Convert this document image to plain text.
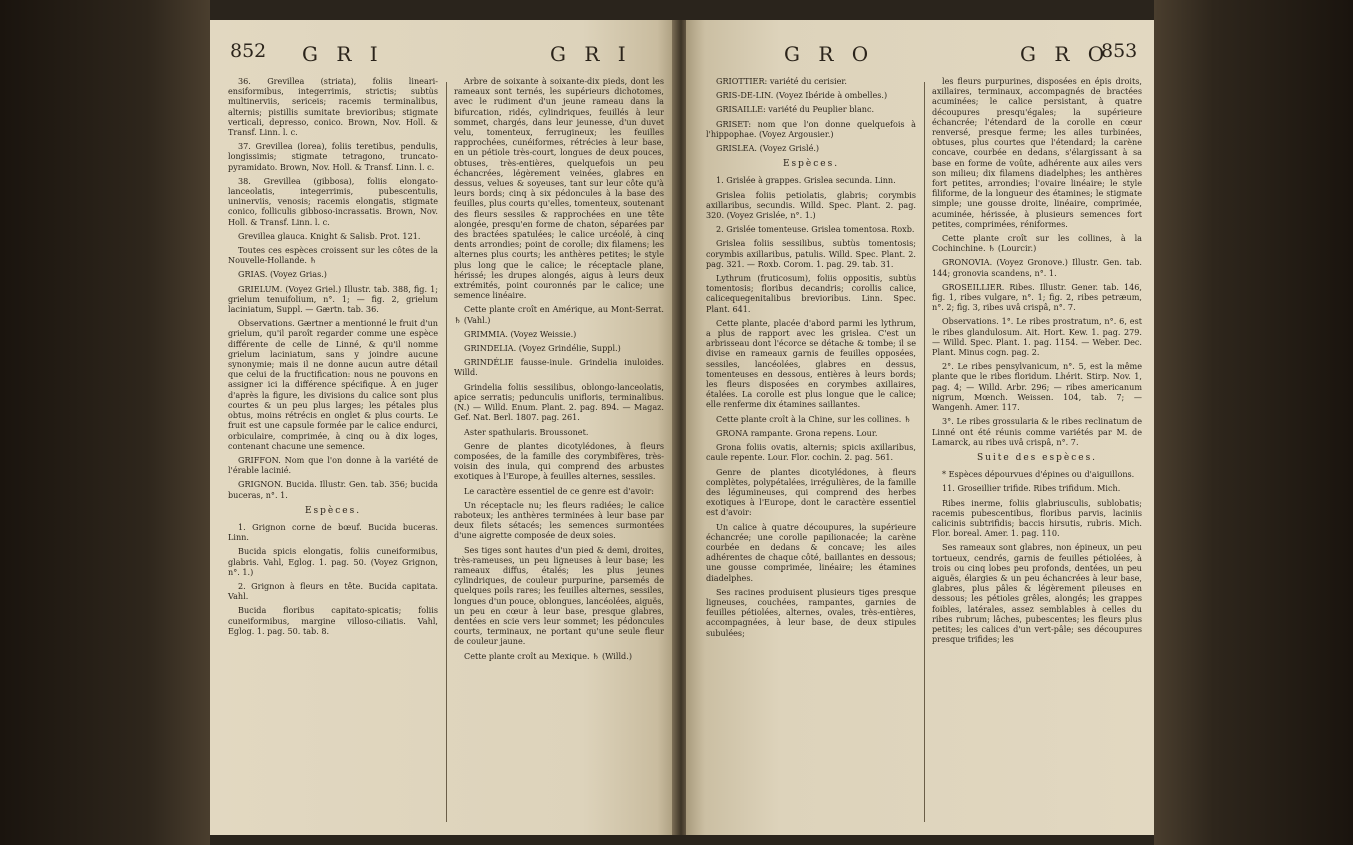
852 G R I	G R I

36. Grevillea (striata), foliis lineari-ensiformibus, integerrimis, strictis; subtùs multinerviis, sericeis; racemis terminalibus, alternis; pistillis sumitate brevioribus; stigmate verticali, depresso, conico. Brown, Nov. Holl. & Transf. Linn. l. c.

37. Grevillea (lorea), foliis teretibus, pendulis, longissimis; stigmate tetragono, truncato-pyramidato. Brown, Nov. Holl. & Transf. Linn. l. c.

38. Grevillea (gibbosa), foliis elongato-lanceolatis, integerrimis, pubescentulis, uninerviis, venosis; racemis elongatis, stigmate conico, folliculis gibboso-incrassatis. Brown, Nov. Holl. & Transf. Linn. l. c.

Grevillea glauca. Knight & Salisb. Prot. 121.

Toutes ces espèces croissent sur les côtes de la Nouvelle-Hollande. ♄

GRIAS. (Voyez Grias.)

GRIELUM. (Voyez Griel.) Illustr. tab. 388, fig. 1; grielum tenuifolium, n°. 1; — fig. 2, grielum laciniatum, Suppl. — Gærtn. tab. 36.

Observations. Gærtner a mentionné le fruit d'un grielum, qu'il paroît regarder comme une espèce différente de celle de Linné, & qu'il nomme grielum laciniatum, sans y joindre aucune synonymie; mais il ne donne aucun autre détail que celui de la fructification: nous ne pouvons en assigner ici la différence spécifique. À en juger d'après la figure, les divisions du calice sont plus courtes & un peu plus larges; les pétales plus obtus, moins rétrécis en onglet & plus courts. Le fruit est une capsule formée par le calice endurci, orbiculaire, comprimée, à cinq ou à dix loges, contenant chacune une semence.

GRIFFON. Nom que l'on donne à la variété de l'érable lacinié.

GRIGNON. Bucida. Illustr. Gen. tab. 356; bucida buceras, n°. 1.

Espèces.

1. Grignon corne de bœuf. Bucida buceras. Linn.

Bucida spicis elongatis, foliis cuneiformibus, glabris. Vahl, Eglog. 1. pag. 50. (Voyez Grignon, n°. 1.)

2. Grignon à fleurs en tête. Bucida capitata. Vahl.

Bucida floribus capitato-spicatis; foliis cuneiformibus, margine villoso-ciliatis. Vahl, Eglog. 1. pag. 50. tab. 8.

Arbre de soixante à soixante-dix pieds, dont les rameaux sont ternés, les supérieurs dichotomes, avec le rudiment d'un jeune rameau dans la bifurcation, ridés, cylindriques, feuillés à leur sommet, chargés, dans leur jeunesse, d'un duvet velu, tomenteux, ferrugineux; les feuilles rapprochées, cunéiformes, rétrécies à leur base, en un pétiole très-court, longues de deux pouces, obtuses, très-entières, quelquefois un peu échancrées, légèrement veinées, glabres en dessus, velues & soyeuses, tant sur leur côte qu'à leurs bords; cinq à six pédoncules à la base des feuilles, plus courts qu'elles, tomenteux, soutenant des fleurs sessiles & rapprochées en une tête alongée, presqu'en forme de chaton, séparées par des bractées spatulées; le calice urcéolé, à cinq dents arrondies; point de corolle; dix filamens; les alternes plus courts; les anthères petites; le style plus long que le calice; le réceptacle plane, hérissé; les drupes alongés, aigus à leurs deux extrémités, point couronnés par le calice; une semence linéaire.

Cette plante croît en Amérique, au Mont-Serrat. ♄ (Vahl.)

GRIMMIA. (Voyez Weissie.)

GRINDELIA. (Voyez Grindélie, Suppl.)

GRINDÉLIE fausse-inule. Grindelia inuloides. Willd.

Grindelia foliis sessilibus, oblongo-lanceolatis, apice serratis; pedunculis unifloris, terminalibus. (N.) — Willd. Enum. Plant. 2. pag. 894. — Magaz. Gef. Nat. Berl. 1807. pag. 261.

Aster spathularis. Broussonet.

Genre de plantes dicotylédones, à fleurs composées, de la famille des corymbifères, très-voisin des inula, qui comprend des arbustes exotiques à l'Europe, à feuilles alternes, sessiles.

Le caractère essentiel de ce genre est d'avoir:

Un réceptacle nu; les fleurs radiées; le calice raboteux; les anthères terminées à leur base par deux filets sétacés; les semences surmontées d'une aigrette composée de deux soies.

Ses tiges sont hautes d'un pied & demi, droites, très-rameuses, un peu ligneuses à leur base; les rameaux diffus, étalés; les plus jeunes cylindriques, de couleur purpurine, parsemés de quelques poils rares; les feuilles alternes, sessiles, longues d'un pouce, oblongues, lancéolées, aiguës, un peu en cœur à leur base, presque glabres, dentées en scie vers leur sommet; les pédoncules courts, terminaux, ne portant qu'une seule fleur de couleur jaune.

Cette plante croît au Mexique. ♄ (Willd.)

G R O	G R O
853

GRIOTTIER: variété du cerisier.

GRIS-DE-LIN. (Voyez Ibéride à ombelles.)

GRISAILLE: variété du Peuplier blanc.

GRISET: nom que l'on donne quelquefois à l'hippophae. (Voyez Argousier.)

GRISLEA. (Voyez Grislé.)

Espèces.

1. Grislée à grappes. Grislea secunda. Linn.

Grislea foliis petiolatis, glabris; corymbis axillaribus, secundis. Willd. Spec. Plant. 2. pag. 320. (Voyez Grislée, n°. 1.)

2. Grislée tomenteuse. Grislea tomentosa. Roxb.

Grislea foliis sessilibus, subtùs tomentosis; corymbis axillaribus, patulis. Willd. Spec. Plant. 2. pag. 321. — Roxb. Corom. 1. pag. 29. tab. 31.

Lythrum (fruticosum), foliis oppositis, subtùs tomentosis; floribus decandris; corollis calice, calicequegenitalibus brevioribus. Linn. Spec. Plant. 641.

Cette plante, placée d'abord parmi les lythrum, a plus de rapport avec les grislea. C'est un arbrisseau dont l'écorce se détache & tombe; il se divise en rameaux garnis de feuilles opposées, sessiles, lancéolées, glabres en dessus, tomenteuses en dessous, entières à leurs bords; les fleurs disposées en corymbes axillaires, étalées. La corolle est plus longue que le calice; elle renferme dix étamines saillantes.

Cette plante croît à la Chine, sur les collines. ♄

GRONA rampante. Grona repens. Lour.

Grona foliis ovatis, alternis; spicis axillaribus, caule repente. Lour. Flor. cochin. 2. pag. 561.

Genre de plantes dicotylédones, à fleurs complètes, polypétalées, irrégulières, de la famille des légumineuses, qui comprend des herbes exotiques à l'Europe, dont le caractère essentiel est d'avoir:

Un calice à quatre découpures, la supérieure échancrée; une corolle papilionacée; la carène courbée en dedans & concave; les ailes adhérentes de chaque côté, baillantes en dessous; une gousse comprimée, linéaire; les étamines diadelphes.

Ses racines produisent plusieurs tiges presque ligneuses, couchées, rampantes, garnies de feuilles pétiolées, alternes, ovales, très-entières, accompagnées, à leur base, de deux stipules subulées;

les fleurs purpurines, disposées en épis droits, axillaires, terminaux, accompagnés de bractées acuminées; le calice persistant, à quatre découpures presqu'égales; la supérieure échancrée; l'étendard de la corolle en cœur renversé, presque ferme; les ailes turbinées, obtuses, plus courtes que l'étendard; la carène concave, courbée en dedans, s'élargissant à sa base en forme de voûte, adhérente aux ailes vers son milieu; dix filamens diadelphes; les anthères fort petites, arrondies; l'ovaire linéaire; le style filiforme, de la longueur des étamines; le stigmate simple; une gousse droite, linéaire, comprimée, acuminée, hérissée, à plusieurs semences fort petites, comprimées, réniformes.

Cette plante croît sur les collines, à la Cochinchine. ♄ (Lourcir.)

GRONOVIA. (Voyez Gronove.) Illustr. Gen. tab. 144; gronovia scandens, n°. 1.

GROSEILLIER. Ribes. Illustr. Gener. tab. 146, fig. 1, ribes vulgare, n°. 1; fig. 2, ribes petræum, n°. 2; fig. 3, ribes uvâ crispâ, n°. 7.

Observations. 1°. Le ribes prostratum, n°. 6, est le ribes glandulosum. Ait. Hort. Kew. 1. pag. 279. — Willd. Spec. Plant. 1. pag. 1154. — Weber. Dec. Plant. Minus cogn. pag. 2.

2°. Le ribes pensylvanicum, n°. 5, est la même plante que le ribes floridum. Lhérit. Stirp. Nov. 1, pag. 4; — Willd. Arbr. 296; — ribes americanum nigrum, Mœnch. Weissen. 104, tab. 7; — Wangenh. Amer. 117.

3°. Le ribes grossularia & le ribes reclinatum de Linné ont été réunis comme variétés par M. de Lamarck, au ribes uvâ crispâ, n°. 7.

Suite des espèces.

* Espèces dépourvues d'épines ou d'aiguillons.

11. Groseillier trifide. Ribes trifidum. Mich.

Ribes inerme, foliis glabriusculis, sublobatis; racemis pubescentibus, floribus parvis, laciniis calicinis subtrifidis; baccis hirsutis, rubris. Mich. Flor. boreal. Amer. 1. pag. 110.

Ses rameaux sont glabres, non épineux, un peu tortueux, cendrés, garnis de feuilles pétiolées, à trois ou cinq lobes peu profonds, dentées, un peu aiguës, élargies & un peu échancrées à leur base, glabres, plus pâles & légèrement pileuses en dessous; les pétioles grêles, alongés; les grappes foibles, latérales, assez semblables à celles du ribes rubrum; lâches, pubescentes; les fleurs plus petites; les calices d'un vert-pâle; ses découpures presque trifides; les
